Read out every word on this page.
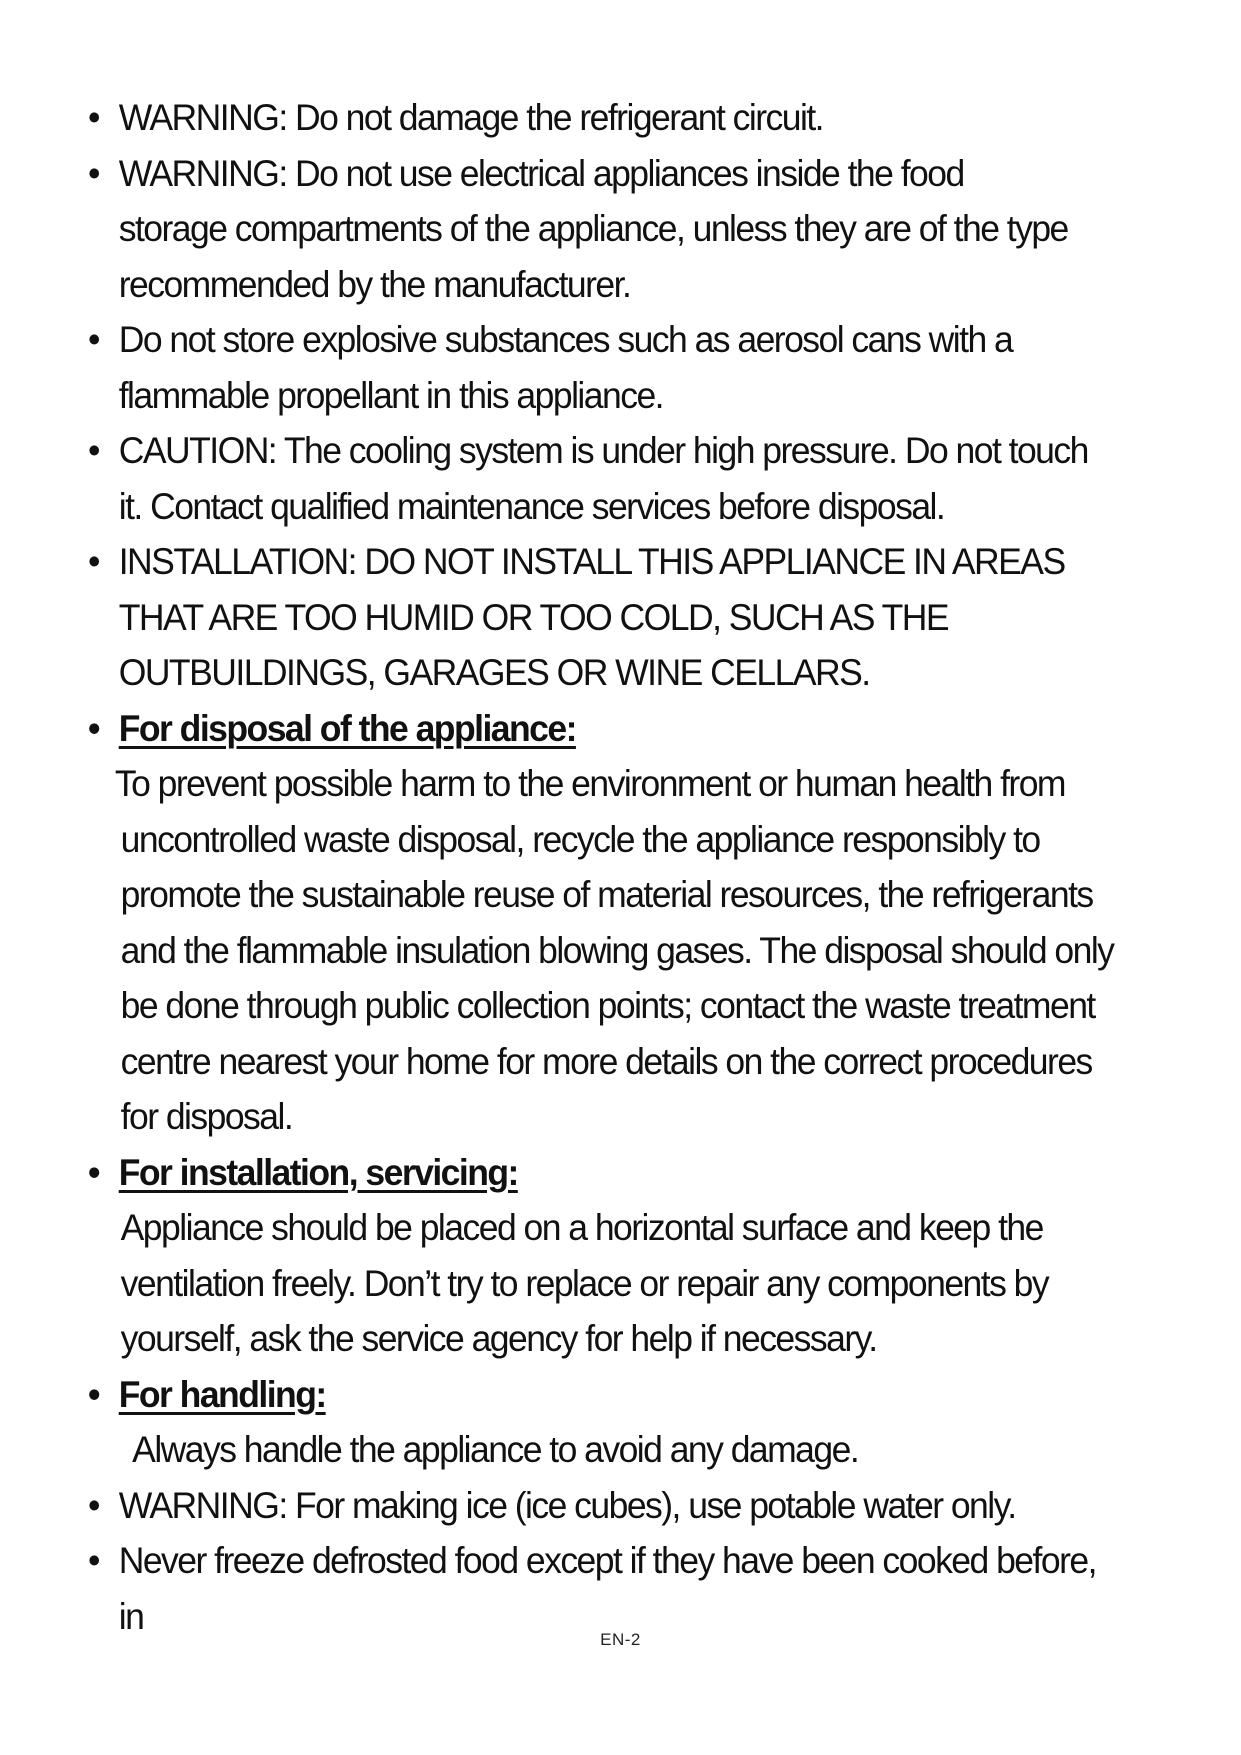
• WARNING: Do not damage the refrigerant circuit.
• WARNING: Do not use electrical appliances inside the food storage compartments of the appliance, unless they are of the type recommended by the manufacturer.
• Do not store explosive substances such as aerosol cans with a flammable propellant in this appliance.
• CAUTION: The cooling system is under high pressure. Do not touch it. Contact qualified maintenance services before disposal.
• INSTALLATION: DO NOT INSTALL THIS APPLIANCE IN AREAS THAT ARE TOO HUMID OR TOO COLD, SUCH AS THE OUTBUILDINGS, GARAGES OR WINE CELLARS.
• For disposal of the appliance:
To prevent possible harm to the environment or human health from uncontrolled waste disposal, recycle the appliance responsibly to promote the sustainable reuse of material resources, the refrigerants and the flammable insulation blowing gases. The disposal should only be done through public collection points; contact the waste treatment centre nearest your home for more details on the correct procedures for disposal.
• For installation, servicing:
Appliance should be placed on a horizontal surface and keep the ventilation freely. Don’t try to replace or repair any components by yourself, ask the service agency for help if necessary.
• For handling:
Always handle the appliance to avoid any damage.
• WARNING: For making ice (ice cubes), use potable water only.
• Never freeze defrosted food except if they have been cooked before, in
EN-2
